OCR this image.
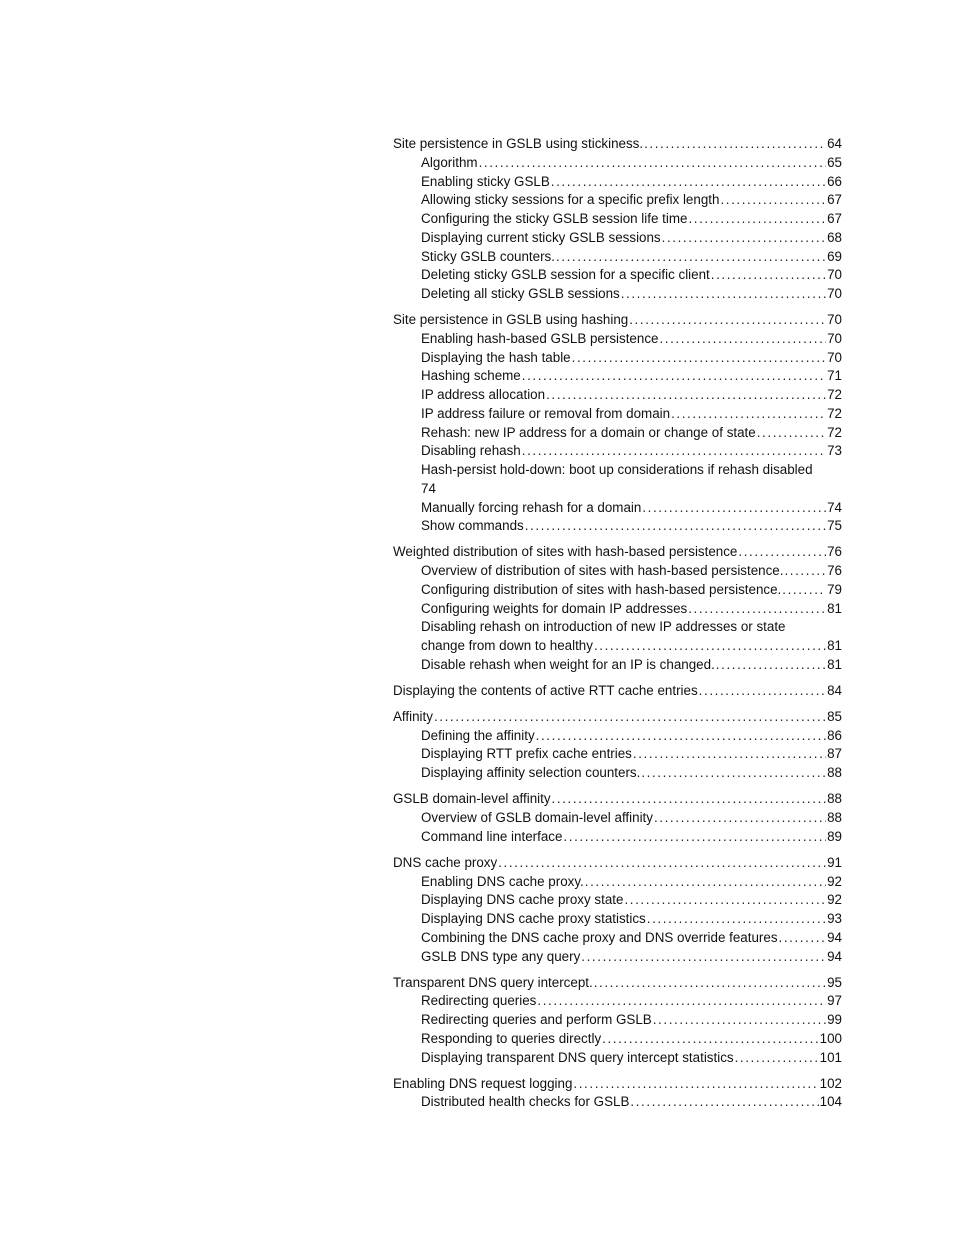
Site persistence in GSLB using stickiness. .....	64
Algorithm .....	65
Enabling sticky GSLB .....	66
Allowing sticky sessions for a specific prefix length .....	67
Configuring the sticky GSLB session life time .....	67
Displaying current sticky GSLB sessions .....	68
Sticky GSLB counters. .....	69
Deleting sticky GSLB session for a specific client .....	70
Deleting all sticky GSLB sessions .....	70
Site persistence in GSLB using hashing .....	70
Enabling hash-based GSLB persistence .....	70
Displaying the hash table .....	70
Hashing scheme .....	71
IP address allocation .....	72
IP address failure or removal from domain .....	72
Rehash: new IP address for a domain or change of state .....	72
Disabling rehash .....	73
Hash-persist hold-down: boot up considerations if rehash disabled
74
Manually forcing rehash for a domain .....	74
Show commands .....	75
Weighted distribution of sites with hash-based persistence .....	76
Overview of distribution of sites with hash-based persistence. .....	76
Configuring distribution of sites with hash-based persistence. .....	79
Configuring weights for domain IP addresses .....	81
Disabling rehash on introduction of new IP addresses or state
change from down to healthy .....	81
Disable rehash when weight for an IP is changed. .....	81
Displaying the contents of active RTT cache entries .....	84
Affinity .....	85
Defining the affinity .....	86
Displaying RTT prefix cache entries .....	87
Displaying affinity selection counters. .....	88
GSLB domain-level affinity .....	88
Overview of GSLB domain-level affinity .....	88
Command line interface .....	89
DNS cache proxy .....	91
Enabling DNS cache proxy. .....	92
Displaying DNS cache proxy state .....	92
Displaying DNS cache proxy statistics .....	93
Combining the DNS cache proxy and DNS override features .....	94
GSLB DNS type any query .....	94
Transparent DNS query intercept. .....	95
Redirecting queries .....	97
Redirecting queries and perform GSLB .....	99
Responding to queries directly .....	100
Displaying transparent DNS query intercept statistics .....	101
Enabling DNS request logging .....	102
Distributed health checks for GSLB .....	104
